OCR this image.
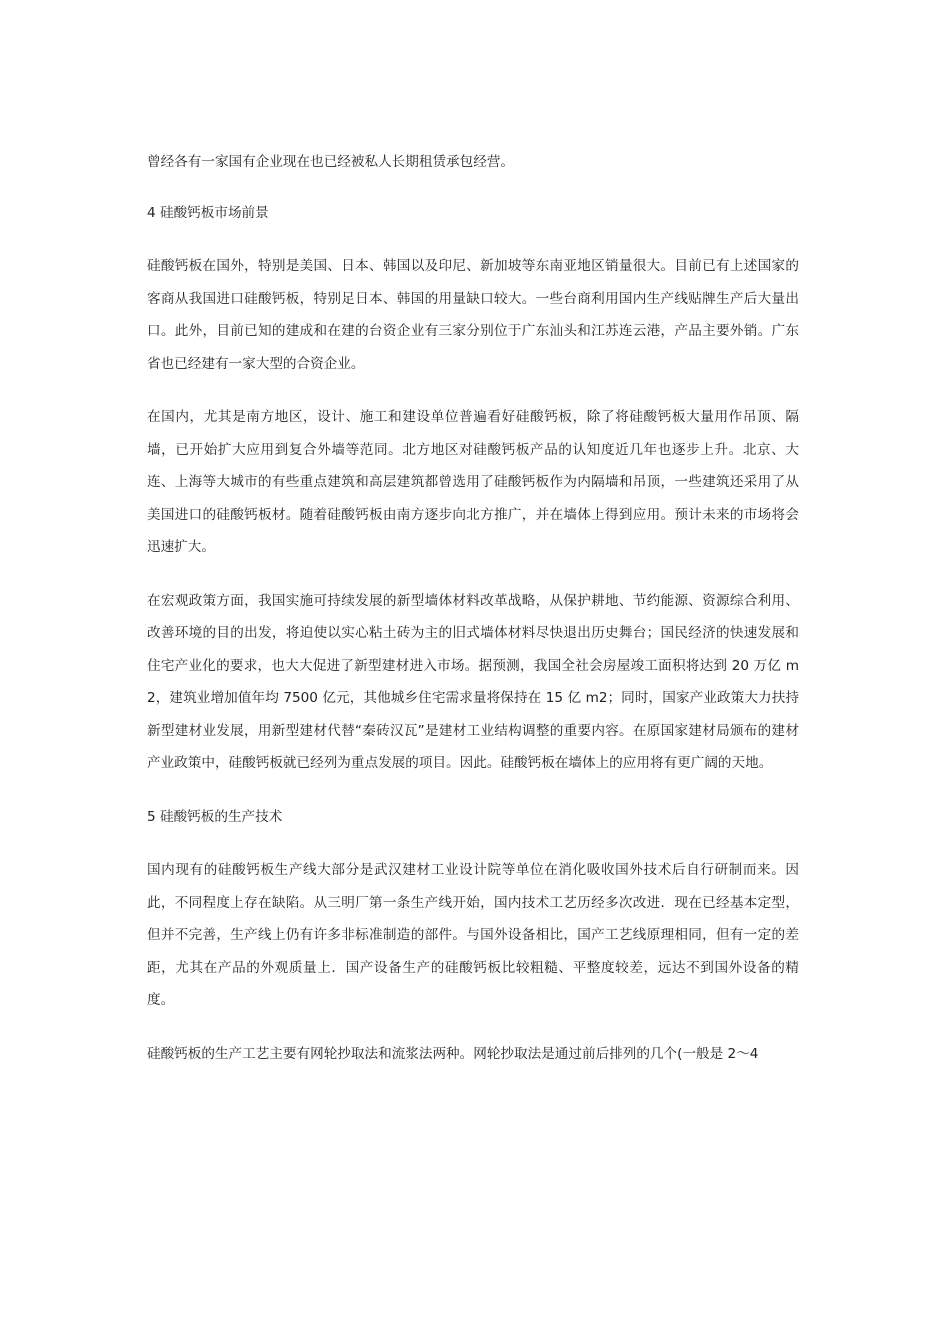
曾经各有一家国有企业现在也已经被私人长期租赁承包经营。

4 硅酸钙板市场前景

硅酸钙板在国外，特别是美国、日本、韩国以及印尼、新加坡等东南亚地区销量很大。目前已有上述国家的客商从我国进口硅酸钙板，特别足日本、韩国的用量缺口较大。一些台商利用国内生产线贴牌生产后大量出口。此外，目前已知的建成和在建的台资企业有三家分别位于广东汕头和江苏连云港，产品主要外销。广东省也已经建有一家大型的合资企业。

在国内，尤其是南方地区，设计、施工和建设单位普遍看好硅酸钙板，除了将硅酸钙板大量用作吊顶、隔墙，已开始扩大应用到复合外墙等范同。北方地区对硅酸钙板产品的认知度近几年也逐步上升。北京、大连、上海等大城市的有些重点建筑和高层建筑都曾选用了硅酸钙板作为内隔墙和吊顶，一些建筑还采用了从美国进口的硅酸钙板材。随着硅酸钙板由南方逐步向北方推广，并在墙体上得到应用。预计未来的市场将会迅速扩大。

在宏观政策方面，我国实施可持续发展的新型墙体材料改革战略，从保护耕地、节约能源、资源综合利用、改善环境的目的出发，将迫使以实心粘土砖为主的旧式墙体材料尽快退出历史舞台；国民经济的快速发展和住宅产业化的要求，也大大促进了新型建材进入市场。据预测，我国全社会房屋竣工面积将达到 20 万亿 m2，建筑业增加值年均 7500 亿元，其他城乡住宅需求量将保持在 15 亿 m2；同时，国家产业政策大力扶持新型建材业发展，用新型建材代替“秦砖汉瓦”是建材工业结构调整的重要内容。在原国家建材局颁布的建材产业政策中，硅酸钙板就已经列为重点发展的项目。因此。硅酸钙板在墙体上的应用将有更广阔的天地。

5 硅酸钙板的生产技术

国内现有的硅酸钙板生产线大部分是武汉建材工业设计院等单位在消化吸收国外技术后自行研制而来。因此，不同程度上存在缺陷。从三明厂第一条生产线开始，国内技术工艺历经多次改进．现在已经基本定型，但并不完善，生产线上仍有许多非标准制造的部件。与国外设备相比，国产工艺线原理相同，但有一定的差距，尤其在产品的外观质量上．国产设备生产的硅酸钙板比较粗糙、平整度较差，远达不到国外设备的精度。

硅酸钙板的生产工艺主要有网轮抄取法和流浆法两种。网轮抄取法是通过前后排列的几个(一般是 2～4
